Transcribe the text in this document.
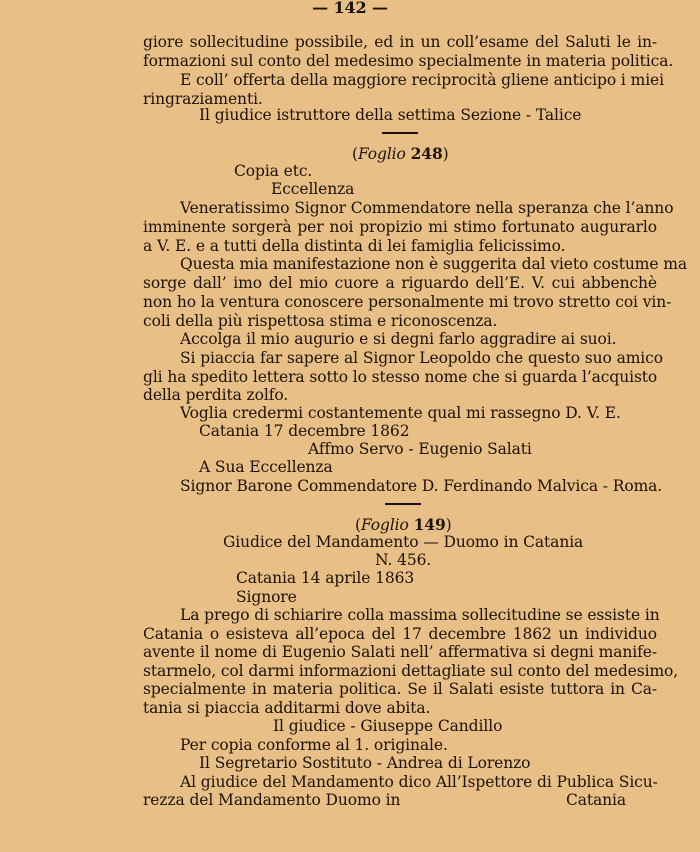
— 142 —
giore sollecitudine possibile, ed in un coll’esame del Saluti le in-
formazioni sul conto del medesimo specialmente in materia politica.
E coll’ offerta della maggiore reciprocità gliene anticipo i miei
ringraziamenti.
Il giudice istruttore della settima Sezione - Talice
(Foglio 248)
Copia etc.
Eccellenza
Veneratissimo Signor Commendatore nella speranza che l’anno
imminente sorgerà per noi propizio mi stimo fortunato augurarlo
a V. E. e a tutti della distinta di lei famiglia felicissimo.
Questa mia manifestazione non è suggerita dal vieto costume ma
sorge dall’ imo del mio cuore a riguardo dell’E. V. cui abbenchè
non ho la ventura conoscere personalmente mi trovo stretto coi vin-
coli della più rispettosa stima e riconoscenza.
Accolga il mio augurio e si degni farlo aggradire ai suoi.
Si piaccia far sapere al Signor Leopoldo che questo suo amico
gli ha spedito lettera sotto lo stesso nome che si guarda l’acquisto
della perdita zolfo.
Voglia credermi costantemente qual mi rassegno D. V. E.
Catania 17 decembre 1862
Affmo Servo - Eugenio Salati
A Sua Eccellenza
Signor Barone Commendatore D. Ferdinando Malvica - Roma.
(Foglio 149)
Giudice del Mandamento — Duomo in Catania
N. 456.
Catania 14 aprile 1863
Signore
La prego di schiarire colla massima sollecitudine se essiste in
Catania o esisteva all’epoca del 17 decembre 1862 un individuo
avente il nome di Eugenio Salati nell’ affermativa si degni manife-
starmelo, col darmi informazioni dettagliate sul conto del medesimo,
specialmente in materia politica. Se il Salati esiste tuttora in Ca-
tania si piaccia additarmi dove abita.
Il giudice - Giuseppe Candillo
Per copia conforme al 1. originale.
Il Segretario Sostituto - Andrea di Lorenzo
Al giudice del Mandamento dico All’Ispettore di Publica Sicu-
rezza del Mandamento Duomo in	Catania
